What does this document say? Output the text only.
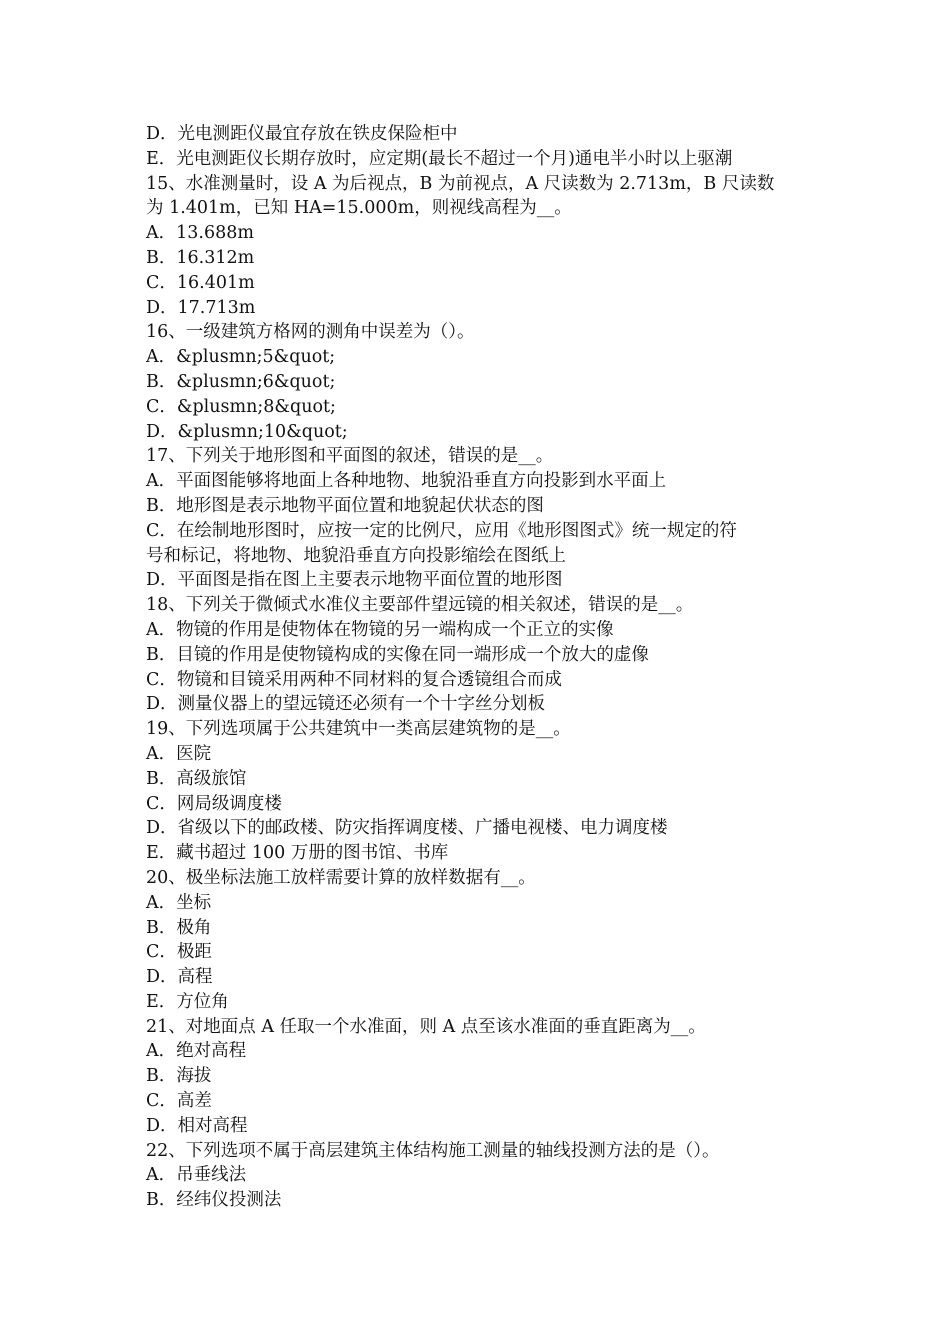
D．光电测距仪最宜存放在铁皮保险柜中
E．光电测距仪长期存放时，应定期(最长不超过一个月)通电半小时以上驱潮
15、水准测量时，设 A 为后视点，B 为前视点，A 尺读数为 2.713m，B 尺读数
为 1.401m，已知 HA=15.000m，则视线高程为__。
A．13.688m
B．16.312m
C．16.401m
D．17.713m
16、一级建筑方格网的测角中误差为（）。
A．&plusmn;5&quot;
B．&plusmn;6&quot;
C．&plusmn;8&quot;
D．&plusmn;10&quot;
17、下列关于地形图和平面图的叙述，错误的是__。
A．平面图能够将地面上各种地物、地貌沿垂直方向投影到水平面上
B．地形图是表示地物平面位置和地貌起伏状态的图
C．在绘制地形图时，应按一定的比例尺，应用《地形图图式》统一规定的符
号和标记，将地物、地貌沿垂直方向投影缩绘在图纸上
D．平面图是指在图上主要表示地物平面位置的地形图
18、下列关于微倾式水准仪主要部件望远镜的相关叙述，错误的是__。
A．物镜的作用是使物体在物镜的另一端构成一个正立的实像
B．目镜的作用是使物镜构成的实像在同一端形成一个放大的虚像
C．物镜和目镜采用两种不同材料的复合透镜组合而成
D．测量仪器上的望远镜还必须有一个十字丝分划板
19、下列选项属于公共建筑中一类高层建筑物的是__。
A．医院
B．高级旅馆
C．网局级调度楼
D．省级以下的邮政楼、防灾指挥调度楼、广播电视楼、电力调度楼
E．藏书超过 100 万册的图书馆、书库
20、极坐标法施工放样需要计算的放样数据有__。
A．坐标
B．极角
C．极距
D．高程
E．方位角
21、对地面点 A 任取一个水准面，则 A 点至该水准面的垂直距离为__。
A．绝对高程
B．海拔
C．高差
D．相对高程
22、下列选项不属于高层建筑主体结构施工测量的轴线投测方法的是（）。
A．吊垂线法
B．经纬仪投测法
